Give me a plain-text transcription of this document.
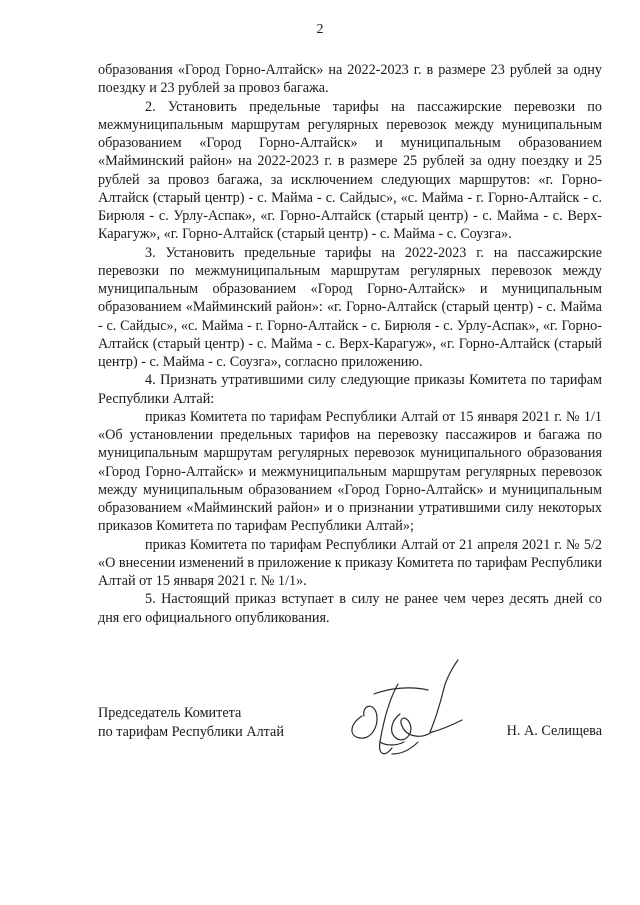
2

образования «Город Горно-Алтайск» на 2022-2023 г. в размере 23 рублей за одну поездку и 23 рублей за провоз багажа.

2. Установить предельные тарифы на пассажирские перевозки по межмуниципальным маршрутам регулярных перевозок между муниципальным образованием «Город Горно-Алтайск» и муниципальным образованием «Майминский район» на 2022-2023 г. в размере 25 рублей за одну поездку и 25 рублей за провоз багажа, за исключением следующих маршрутов: «г. Горно-Алтайск (старый центр) - с. Майма - с. Сайдыс», «с. Майма - г. Горно-Алтайск - с. Бирюля - с. Урлу-Аспак», «г. Горно-Алтайск (старый центр) - с. Майма - с. Верх-Карагуж», «г. Горно-Алтайск (старый центр) - с. Майма - с. Соузга».

3. Установить предельные тарифы на 2022-2023 г. на пассажирские перевозки по межмуниципальным маршрутам регулярных перевозок между муниципальным образованием «Город Горно-Алтайск» и муниципальным образованием «Майминский район»: «г. Горно-Алтайск (старый центр) - с. Майма - с. Сайдыс», «с. Майма - г. Горно-Алтайск - с. Бирюля - с. Урлу-Аспак», «г. Горно-Алтайск (старый центр) - с. Майма - с. Верх-Карагуж», «г. Горно-Алтайск (старый центр) - с. Майма - с. Соузга», согласно приложению.

4. Признать утратившими силу следующие приказы Комитета по тарифам Республики Алтай:

приказ Комитета по тарифам Республики Алтай от 15 января 2021 г. № 1/1 «Об установлении предельных тарифов на перевозку пассажиров и багажа по муниципальным маршрутам регулярных перевозок муниципального образования «Город Горно-Алтайск» и межмуниципальным маршрутам регулярных перевозок между муниципальным образованием «Город Горно-Алтайск» и муниципальным образованием «Майминский район» и о признании утратившими силу некоторых приказов Комитета по тарифам Республики Алтай»;

приказ Комитета по тарифам Республики Алтай от 21 апреля 2021 г. № 5/2 «О внесении изменений в приложение к приказу Комитета по тарифам Республики Алтай от 15 января 2021 г. № 1/1».

5. Настоящий приказ вступает в силу не ранее чем через десять дней со дня его официального опубликования.

Председатель Комитета
по тарифам Республики Алтай	Н. А. Селищева
